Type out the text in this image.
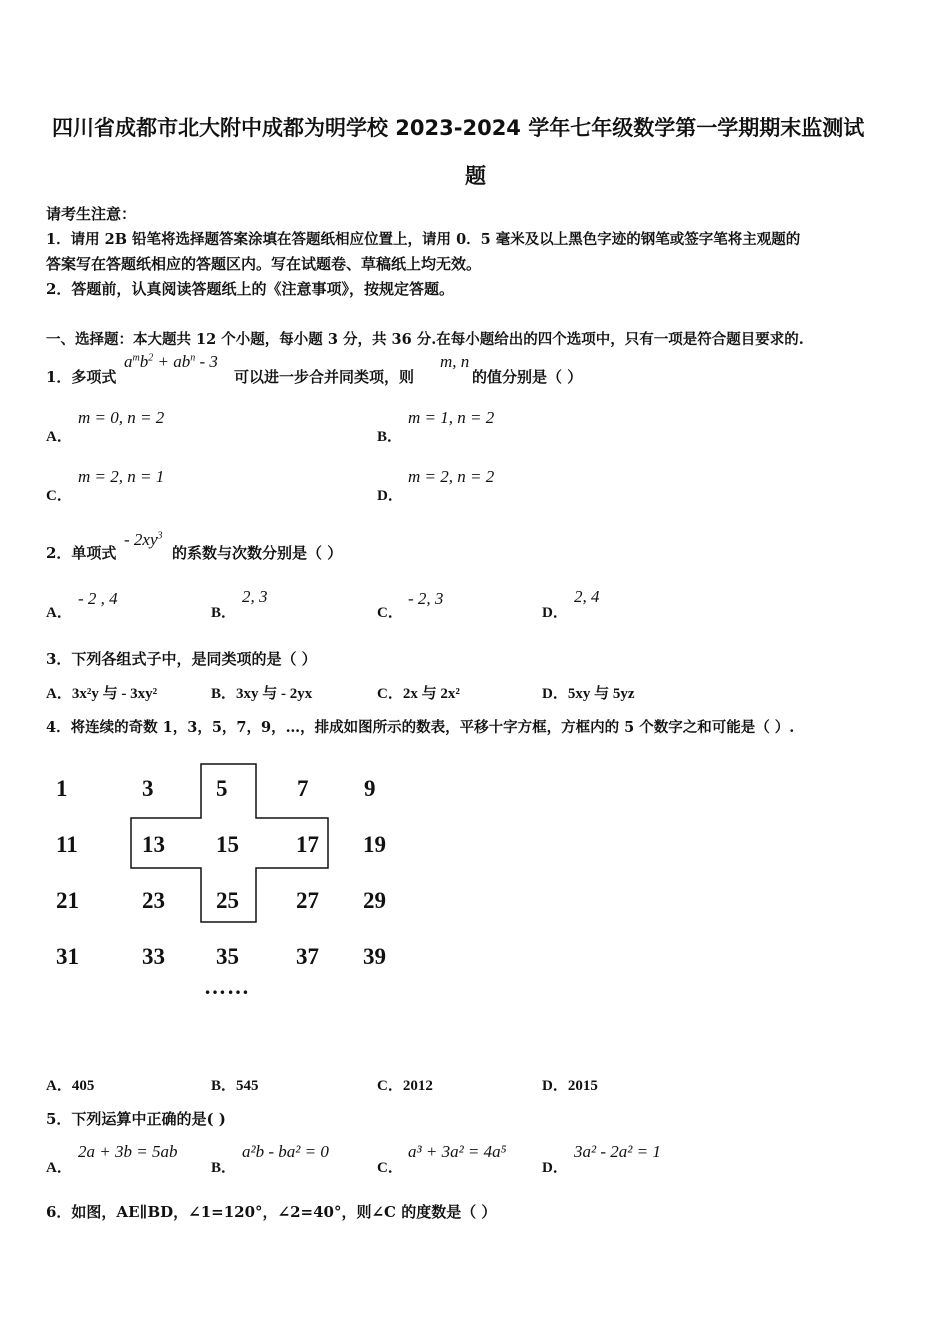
四川省成都市北大附中成都为明学校 2023-2024 学年七年级数学第一学期期末监测试
题
请考生注意：
1．请用 2B 铅笔将选择题答案涂填在答题纸相应位置上，请用 0．5 毫米及以上黑色字迹的钢笔或签字笔将主观题的
答案写在答题纸相应的答题区内。写在试题卷、草稿纸上均无效。
2．答题前，认真阅读答题纸上的《注意事项》，按规定答题。
一、选择题：本大题共 12 个小题，每小题 3 分，共 36 分.在每小题给出的四个选项中，只有一项是符合题目要求的.
1．多项式
$a^mb^2 + ab^n - 3$
可以进一步合并同类项，则
m, n
的值分别是（ ）
A．
m = 0, n = 2
B．
m = 1, n = 2
C．
m = 2, n = 1
D．
m = 2, n = 2
2．单项式
- $2xy^3$
的系数与次数分别是（ ）
A．
- 2 , 4
B．
2, 3
C．
- 2, 3
D．
2, 4
3．下列各组式子中，是同类项的是（ ）
A．3x²y 与 - 3xy²	B．3xy 与 - 2yx	C．2x 与 2x²	D．5xy 与 5yz
4．将连续的奇数 1，3，5，7，9，…，排成如图所示的数表，平移十字方框，方框内的 5 个数字之和可能是（ ）.
1	3	5	7	9
11	13	15	17	19
21	23	25	27	29
31	33	35	37	39
……
A．405	B．545	C．2012	D．2015
5．下列运算中正确的是( )
A．
2a + 3b = 5ab
B．
a²b - ba² = 0
C．
a³ + 3a² = 4a⁵
D．
3a² - 2a² = 1
6．如图，AE∥BD，∠1=120°，∠2=40°，则∠C 的度数是（ ）
